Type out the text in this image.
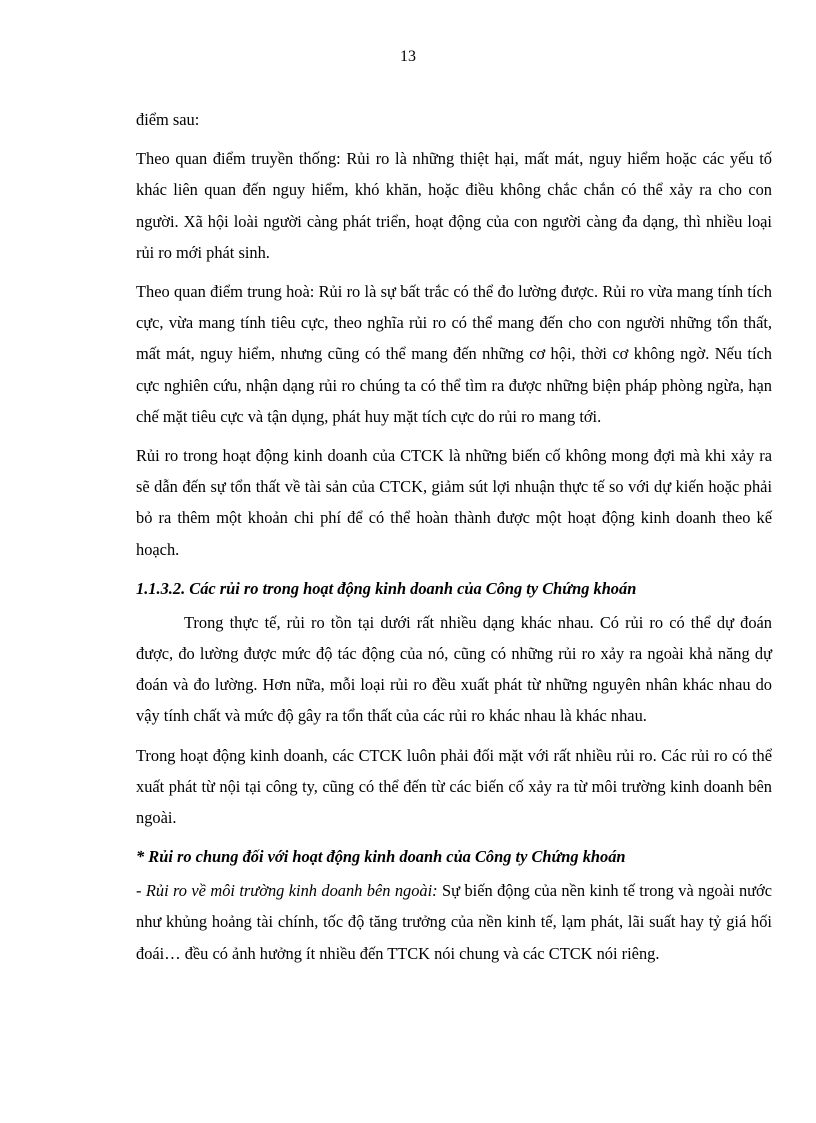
13

điểm sau:

Theo quan điểm truyền thống: Rủi ro là những thiệt hại, mất mát, nguy hiểm hoặc các yếu tố khác liên quan đến nguy hiểm, khó khăn, hoặc điều không chắc chắn có thể xảy ra cho con người. Xã hội loài người càng phát triển, hoạt động của con người càng đa dạng, thì nhiều loại rủi ro mới phát sinh.

Theo quan điểm trung hoà: Rủi ro là sự bất trắc có thể đo lường được. Rủi ro vừa mang tính tích cực, vừa mang tính tiêu cực, theo nghĩa rủi ro có thể mang đến cho con người những tổn thất, mất mát, nguy hiểm, nhưng cũng có thể mang đến những cơ hội, thời cơ không ngờ. Nếu tích cực nghiên cứu, nhận dạng rủi ro chúng ta có thể tìm ra được những biện pháp phòng ngừa, hạn chế mặt tiêu cực và tận dụng, phát huy mặt tích cực do rủi ro mang tới.

Rủi ro trong hoạt động kinh doanh của CTCK là những biến cố không mong đợi mà khi xảy ra sẽ dẫn đến sự tổn thất về tài sản của CTCK, giảm sút lợi nhuận thực tế so với dự kiến hoặc phải bỏ ra thêm một khoản chi phí để có thể hoàn thành được một hoạt động kinh doanh theo kế hoạch.

1.1.3.2. Các rủi ro trong hoạt động kinh doanh của Công ty Chứng khoán

Trong thực tế, rủi ro tồn tại dưới rất nhiều dạng khác nhau. Có rủi ro có thể dự đoán được, đo lường được mức độ tác động của nó, cũng có những rủi ro xảy ra ngoài khả năng dự đoán và đo lường. Hơn nữa, mỗi loại rủi ro đều xuất phát từ những nguyên nhân khác nhau do vậy tính chất và mức độ gây ra tổn thất của các rủi ro khác nhau là khác nhau.

Trong hoạt động kinh doanh, các CTCK luôn phải đối mặt với rất nhiều rủi ro. Các rủi ro có thể xuất phát từ nội tại công ty, cũng có thể đến từ các biến cố xảy ra từ môi trường kinh doanh bên ngoài.

* Rủi ro chung đối với hoạt động kinh doanh của Công ty Chứng khoán

- Rủi ro về môi trường kinh doanh bên ngoài: Sự biến động của nền kinh tế trong và ngoài nước như khủng hoảng tài chính, tốc độ tăng trưởng của nền kinh tế, lạm phát, lãi suất hay tỷ giá hối đoái… đều có ảnh hưởng ít nhiều đến TTCK nói chung và các CTCK nói riêng.
